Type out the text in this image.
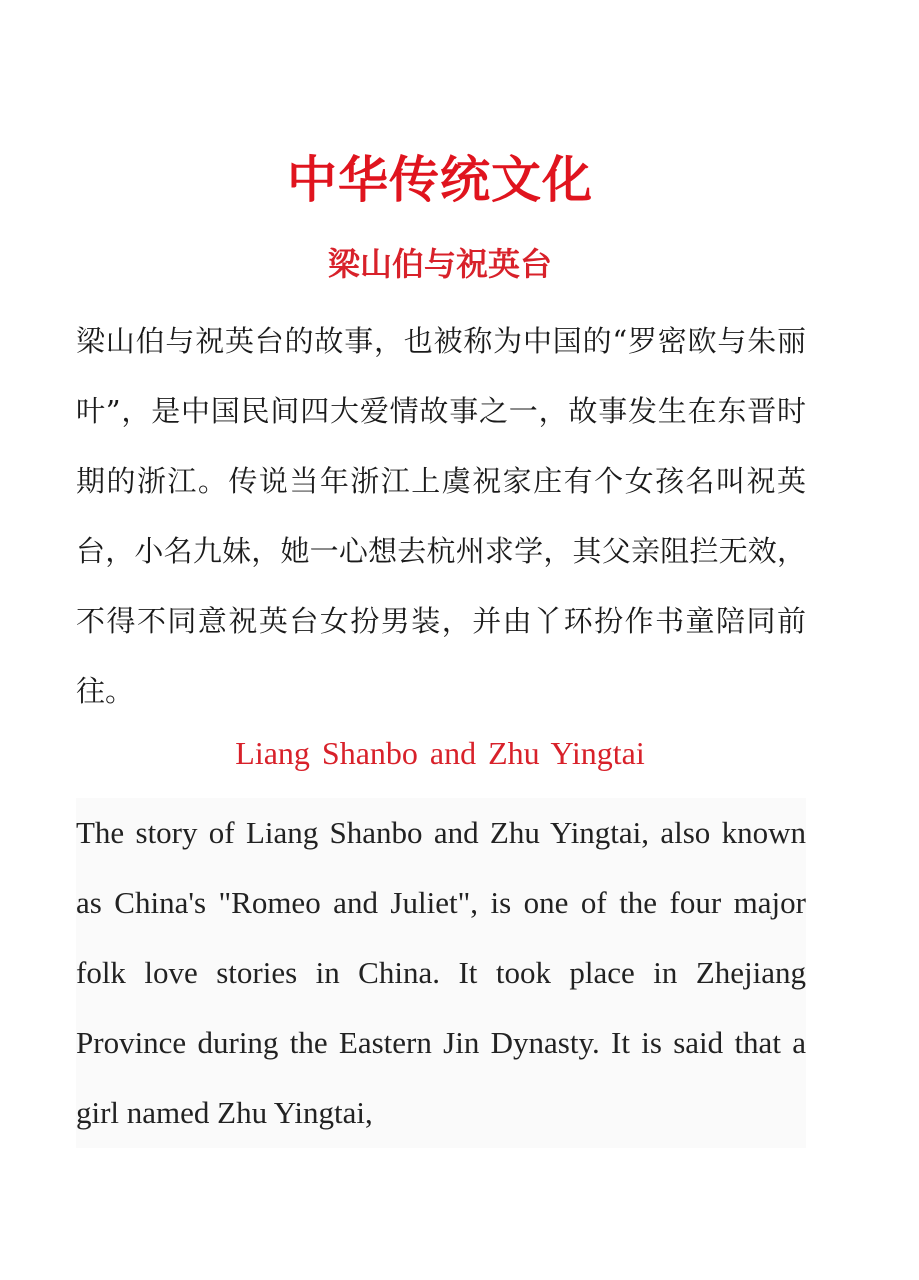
中华传统文化
梁山伯与祝英台

梁山伯与祝英台的故事，也被称为中国的“罗密欧与朱丽叶”，是中国民间四大爱情故事之一，故事发生在东晋时期的浙江。传说当年浙江上虞祝家庄有个女孩名叫祝英台，小名九妹，她一心想去杭州求学，其父亲阻拦无效，不得不同意祝英台女扮男装，并由丫环扮作书童陪同前往。

Liang Shanbo and Zhu Yingtai

The story of Liang Shanbo and Zhu Yingtai, also known as China's "Romeo and Juliet", is one of the four major folk love stories in China. It took place in Zhejiang Province during the Eastern Jin Dynasty. It is said that a girl named Zhu Yingtai,
